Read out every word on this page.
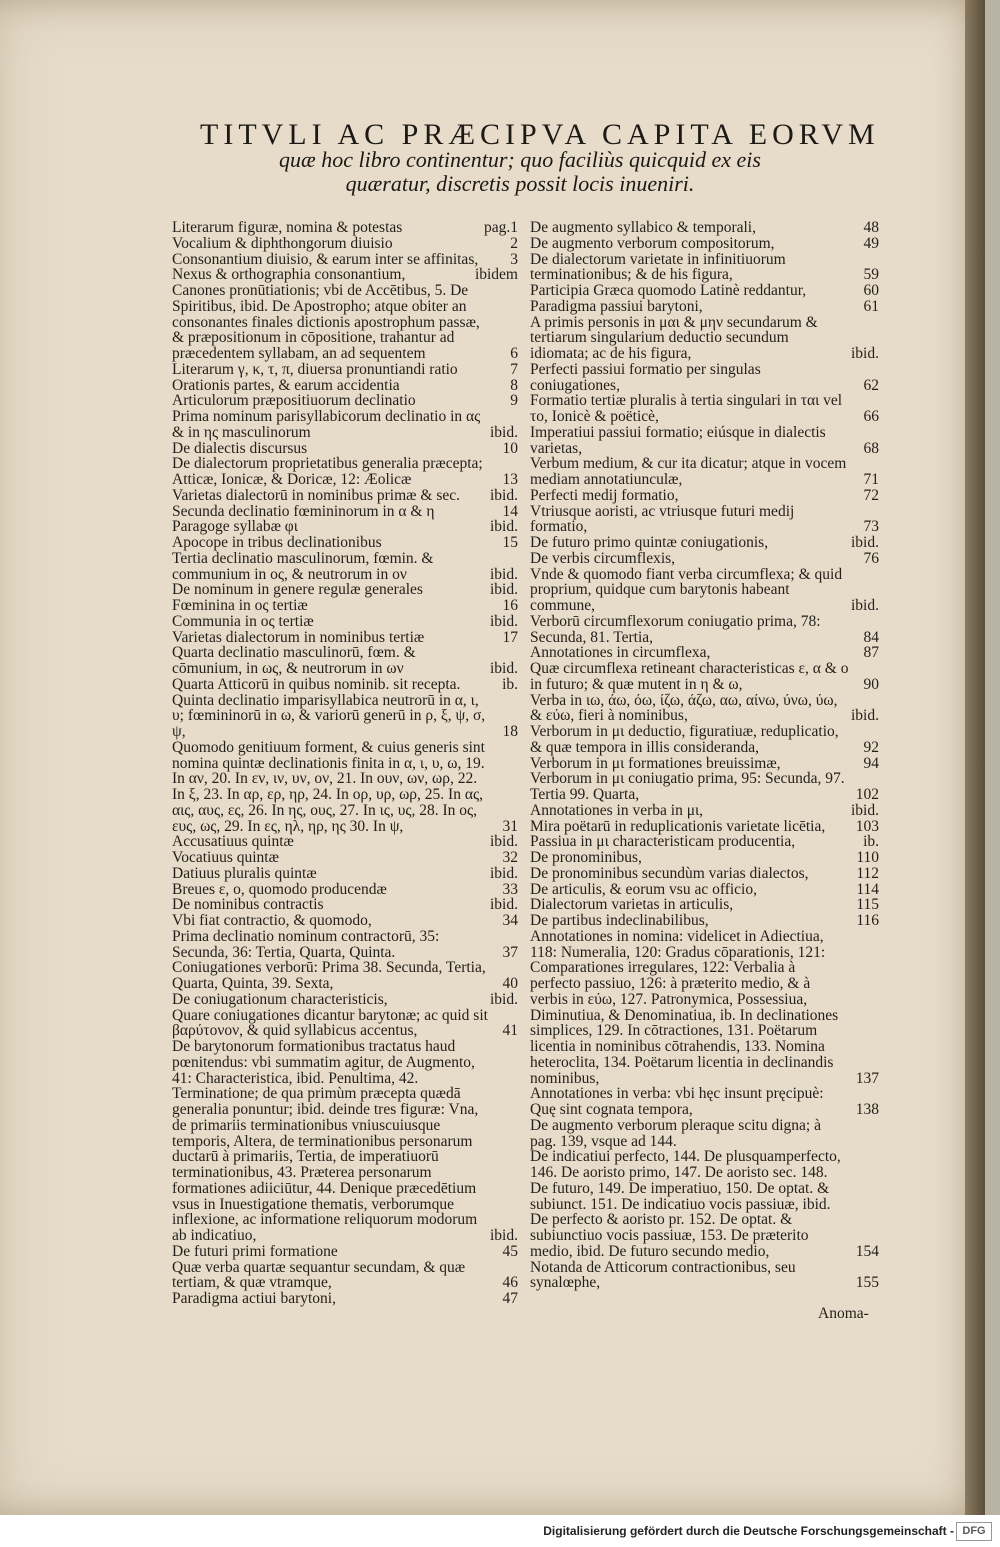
TITVLI AC PRÆCIPVA CAPITA EORVM
quæ hoc libro continentur; quo faciliùs quicquid ex eis quæratur, discretis possit locis inueniri.
Literarum figuræ, nomina & potestas	pag.1
Vocalium & diphthongorum diuisio	2
Consonantium diuisio, & earum inter se affinitas,	3
Nexus & orthographia consonantium,	ibidem
Canones pronūtiationis; vbi de Accētibus, 5. De Spiritibus, ibid. De Apostropho; atque obiter an consonantes finales dictionis apostrophum passæ, & præpositionum in cōpositione, trahantur ad præcedentem syllabam, an ad sequentem	6
Literarum γ, κ, τ, π, diuersa pronuntiandi ratio	7
Orationis partes, & earum accidentia	8
Articulorum præpositiuorum declinatio	9
Prima nominum parisyllabicorum declinatio in ας & in ης masculinorum	ibid.
De dialectis discursus	10
De dialectorum proprietatibus generalia præcepta; Atticæ, Ionicæ, & Doricæ, 12: Æolicæ	13
Varietas dialectorū in nominibus primæ & sec.	ibid.
Secunda declinatio fœmininorum in α & η	14
Paragoge syllabæ φι	ibid.
Apocope in tribus declinationibus	15
Tertia declinatio masculinorum, fœmin. & communium in ος, & neutrorum in ον	ibid.
De nominum in genere regulæ generales	ibid.
Fœminina in ος tertiæ	16
Communia in ος tertiæ	ibid.
Varietas dialectorum in nominibus tertiæ	17
Quarta declinatio masculinorū, fœm. & cōmunium, in ως, & neutrorum in ων	ibid.
Quarta Atticorū in quibus nominib. sit recepta.	ib.
Quinta declinatio imparisyllabica neutrorū in α, ι, υ; fœmininorū in ω, & variorū generū in ρ, ξ, ψ, σ, ψ,	18
Quomodo genitiuum forment, & cuius generis sint nomina quintæ declinationis finita in α, ι, υ, ω, 19. In αν, 20. In εν, ιν, υν, ον, 21. In ουν, ων, ωρ, 22. In ξ, 23. In αρ, ερ, ηρ, 24. In ορ, υρ, ωρ, 25. In ας, αις, αυς, ες, 26. In ης, ους, 27. In ις, υς, 28. In ος, ευς, ως, 29. In ες, ηλ, ηρ, ης 30. In ψ,	31
Accusatiuus quintæ	ibid.
Vocatiuus quintæ	32
Datiuus pluralis quintæ	ibid.
Breues ε, ο, quomodo producendæ	33
De nominibus contractis	ibid.
Vbi fiat contractio, & quomodo,	34
Prima declinatio nominum contractorū, 35: Secunda, 36: Tertia, Quarta, Quinta.	37
Coniugationes verborū: Prima 38. Secunda, Tertia, Quarta, Quinta, 39. Sexta,	40
De coniugationum characteristicis,	ibid.
Quare coniugationes dicantur barytonæ; ac quid sit βαρύτονον, & quid syllabicus accentus,	41
De barytonorum formationibus tractatus haud pœnitendus: vbi summatim agitur, de Augmento, 41: Characteristica, ibid. Penultima, 42. Terminatione; de qua primùm præcepta quædā generalia ponuntur; ibid. deinde tres figuræ: Vna, de primariis terminationibus vniuscuiusque temporis, Altera, de terminationibus personarum ductarū à primariis, Tertia, de imperatiuorū terminationibus, 43. Præterea personarum formationes adiiciūtur, 44. Denique præcedētium vsus in Inuestigatione thematis, verborumque inflexione, ac informatione reliquorum modorum ab indicatiuo,	ibid.
De futuri primi formatione	45
Quæ verba quartæ sequantur secundam, & quæ tertiam, & quæ vtramque,	46
Paradigma actiui barytoni,	47
De augmento syllabico & temporali,	48
De augmento verborum compositorum,	49
De dialectorum varietate in infinitiuorum terminationibus; & de his figura,	59
Participia Græca quomodo Latinè reddantur,	60
Paradigma passiui barytoni,	61
A primis personis in μαι & μην secundarum & tertiarum singularium deductio secundum idiomata; ac de his figura,	ibid.
Perfecti passiui formatio per singulas coniugationes,	62
Formatio tertiæ pluralis à tertia singulari in ται vel το, Ionicè & poëticè,	66
Imperatiui passiui formatio; eiúsque in dialectis varietas,	68
Verbum medium, & cur ita dicatur; atque in vocem mediam annotatiunculæ,	71
Perfecti medij formatio,	72
Vtriusque aoristi, ac vtriusque futuri medij formatio,	73
De futuro primo quintæ coniugationis,	ibid.
De verbis circumflexis,	76
Vnde & quomodo fiant verba circumflexa; & quid proprium, quidque cum barytonis habeant commune,	ibid.
Verborū circumflexorum coniugatio prima, 78: Secunda, 81. Tertia,	84
Annotationes in circumflexa,	87
Quæ circumflexa retineant characteristicas ε, α & ο in futuro; & quæ mutent in η & ω,	90
Verba in ιω, άω, όω, ίζω, άζω, αω, αίνω, ύνω, ύω, & εύω, fieri à nominibus,	ibid.
Verborum in μι deductio, figuratiuæ, reduplicatio, & quæ tempora in illis consideranda,	92
Verborum in μι formationes breuissimæ,	94
Verborum in μι coniugatio prima, 95: Secunda, 97. Tertia 99. Quarta,	102
Annotationes in verba in μι,	ibid.
Mira poëtarū in reduplicationis varietate licētia,	103
Passiua in μι characteristicam producentia,	ib.
De pronominibus,	110
De pronominibus secundùm varias dialectos,	112
De articulis, & eorum vsu ac officio,	114
Dialectorum varietas in articulis,	115
De partibus indeclinabilibus,	116
Annotationes in nomina: videlicet in Adiectiua, 118: Numeralia, 120: Gradus cōparationis, 121: Comparationes irregulares, 122: Verbalia à perfecto passiuo, 126: à præterito medio, & à verbis in εύω, 127. Patronymica, Possessiua, Diminutiua, & Denominatiua, ib. In declinationes simplices, 129. In cōtractiones, 131. Poëtarum licentia in nominibus cōtrahendis, 133. Nomina heteroclita, 134. Poëtarum licentia in declinandis nominibus,	137
Annotationes in verba: vbi hęc insunt pręcipuè: Quę sint cognata tempora,	138
De augmento verborum pleraque scitu digna; à pag. 139, vsque ad 144.
De indicatiui perfecto, 144. De plusquamperfecto, 146. De aoristo primo, 147. De aoristo sec. 148. De futuro, 149. De imperatiuo, 150. De optat. & subiunct. 151. De indicatiuo vocis passiuæ, ibid. De perfecto & aoristo pr. 152. De optat. & subiunctiuo vocis passiuæ, 153. De præterito medio, ibid. De futuro secundo medio,	154
Notanda de Atticorum contractionibus, seu synalœphe,	155
Anoma-
Digitalisierung gefördert durch die Deutsche Forschungsgemeinschaft - DFG
